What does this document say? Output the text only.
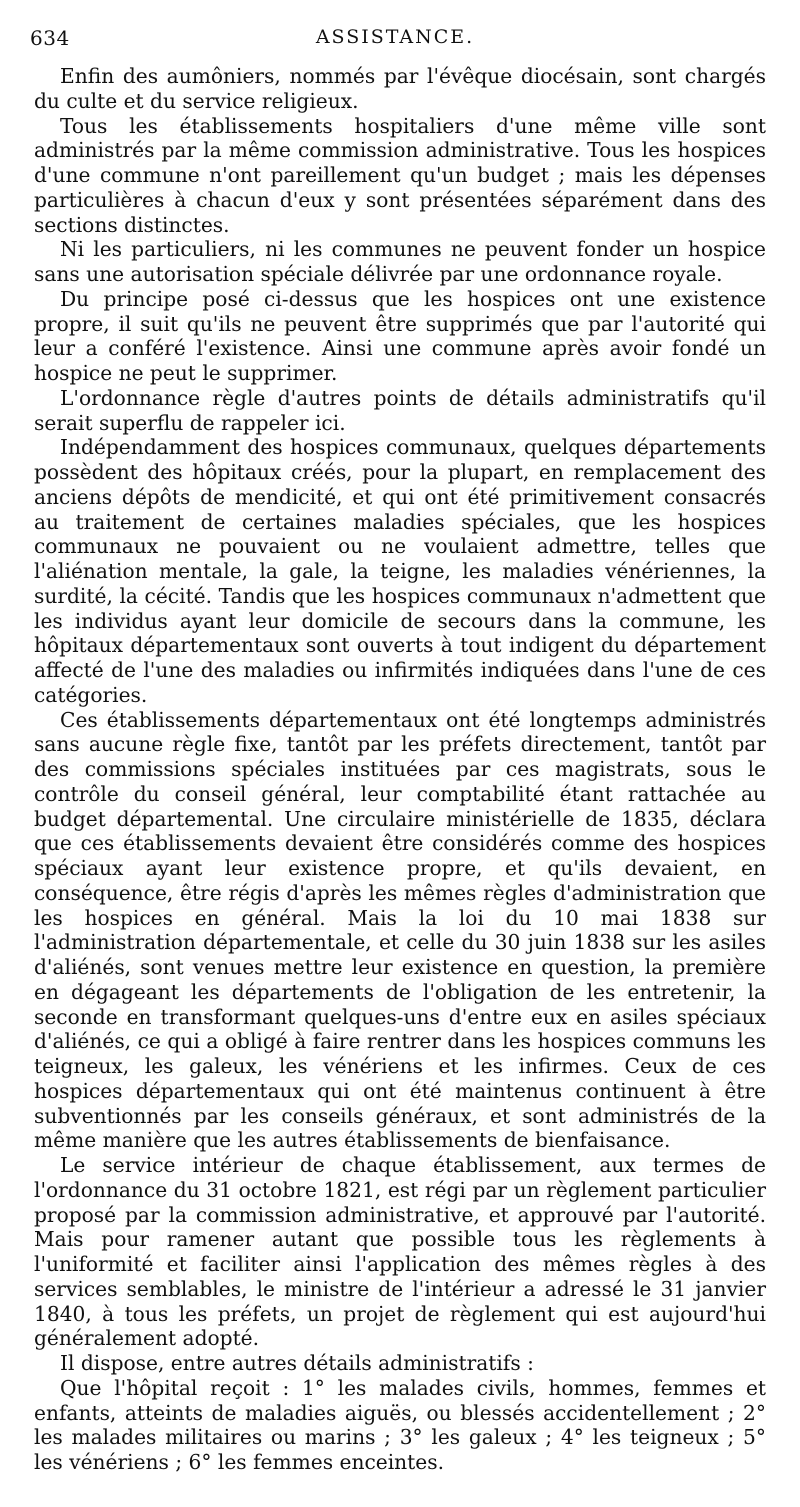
634	ASSISTANCE.

Enfin des aumôniers, nommés par l'évêque diocésain, sont chargés du culte et du service religieux.

Tous les établissements hospitaliers d'une même ville sont administrés par la même commission administrative. Tous les hospices d'une commune n'ont pareillement qu'un budget ; mais les dépenses particulières à chacun d'eux y sont présentées séparément dans des sections distinctes.

Ni les particuliers, ni les communes ne peuvent fonder un hospice sans une autorisation spéciale délivrée par une ordonnance royale.

Du principe posé ci-dessus que les hospices ont une existence propre, il suit qu'ils ne peuvent être supprimés que par l'autorité qui leur a conféré l'existence. Ainsi une commune après avoir fondé un hospice ne peut le supprimer.

L'ordonnance règle d'autres points de détails administratifs qu'il serait superflu de rappeler ici.

Indépendamment des hospices communaux, quelques départements possèdent des hôpitaux créés, pour la plupart, en remplacement des anciens dépôts de mendicité, et qui ont été primitivement consacrés au traitement de certaines maladies spéciales, que les hospices communaux ne pouvaient ou ne voulaient admettre, telles que l'aliénation mentale, la gale, la teigne, les maladies vénériennes, la surdité, la cécité. Tandis que les hospices communaux n'admettent que les individus ayant leur domicile de secours dans la commune, les hôpitaux départementaux sont ouverts à tout indigent du département affecté de l'une des maladies ou infirmités indiquées dans l'une de ces catégories.

Ces établissements départementaux ont été longtemps administrés sans aucune règle fixe, tantôt par les préfets directement, tantôt par des commissions spéciales instituées par ces magistrats, sous le contrôle du conseil général, leur comptabilité étant rattachée au budget départemental. Une circulaire ministérielle de 1835, déclara que ces établissements devaient être considérés comme des hospices spéciaux ayant leur existence propre, et qu'ils devaient, en conséquence, être régis d'après les mêmes règles d'administration que les hospices en général. Mais la loi du 10 mai 1838 sur l'administration départementale, et celle du 30 juin 1838 sur les asiles d'aliénés, sont venues mettre leur existence en question, la première en dégageant les départements de l'obligation de les entretenir, la seconde en transformant quelques-uns d'entre eux en asiles spéciaux d'aliénés, ce qui a obligé à faire rentrer dans les hospices communs les teigneux, les galeux, les vénériens et les infirmes. Ceux de ces hospices départementaux qui ont été maintenus continuent à être subventionnés par les conseils généraux, et sont administrés de la même manière que les autres établissements de bienfaisance.

Le service intérieur de chaque établissement, aux termes de l'ordonnance du 31 octobre 1821, est régi par un règlement particulier proposé par la commission administrative, et approuvé par l'autorité. Mais pour ramener autant que possible tous les règlements à l'uniformité et faciliter ainsi l'application des mêmes règles à des services semblables, le ministre de l'intérieur a adressé le 31 janvier 1840, à tous les préfets, un projet de règlement qui est aujourd'hui généralement adopté.

Il dispose, entre autres détails administratifs :

Que l'hôpital reçoit : 1° les malades civils, hommes, femmes et enfants, atteints de maladies aiguës, ou blessés accidentellement ; 2° les malades militaires ou marins ; 3° les galeux ; 4° les teigneux ; 5° les vénériens ; 6° les femmes enceintes.
